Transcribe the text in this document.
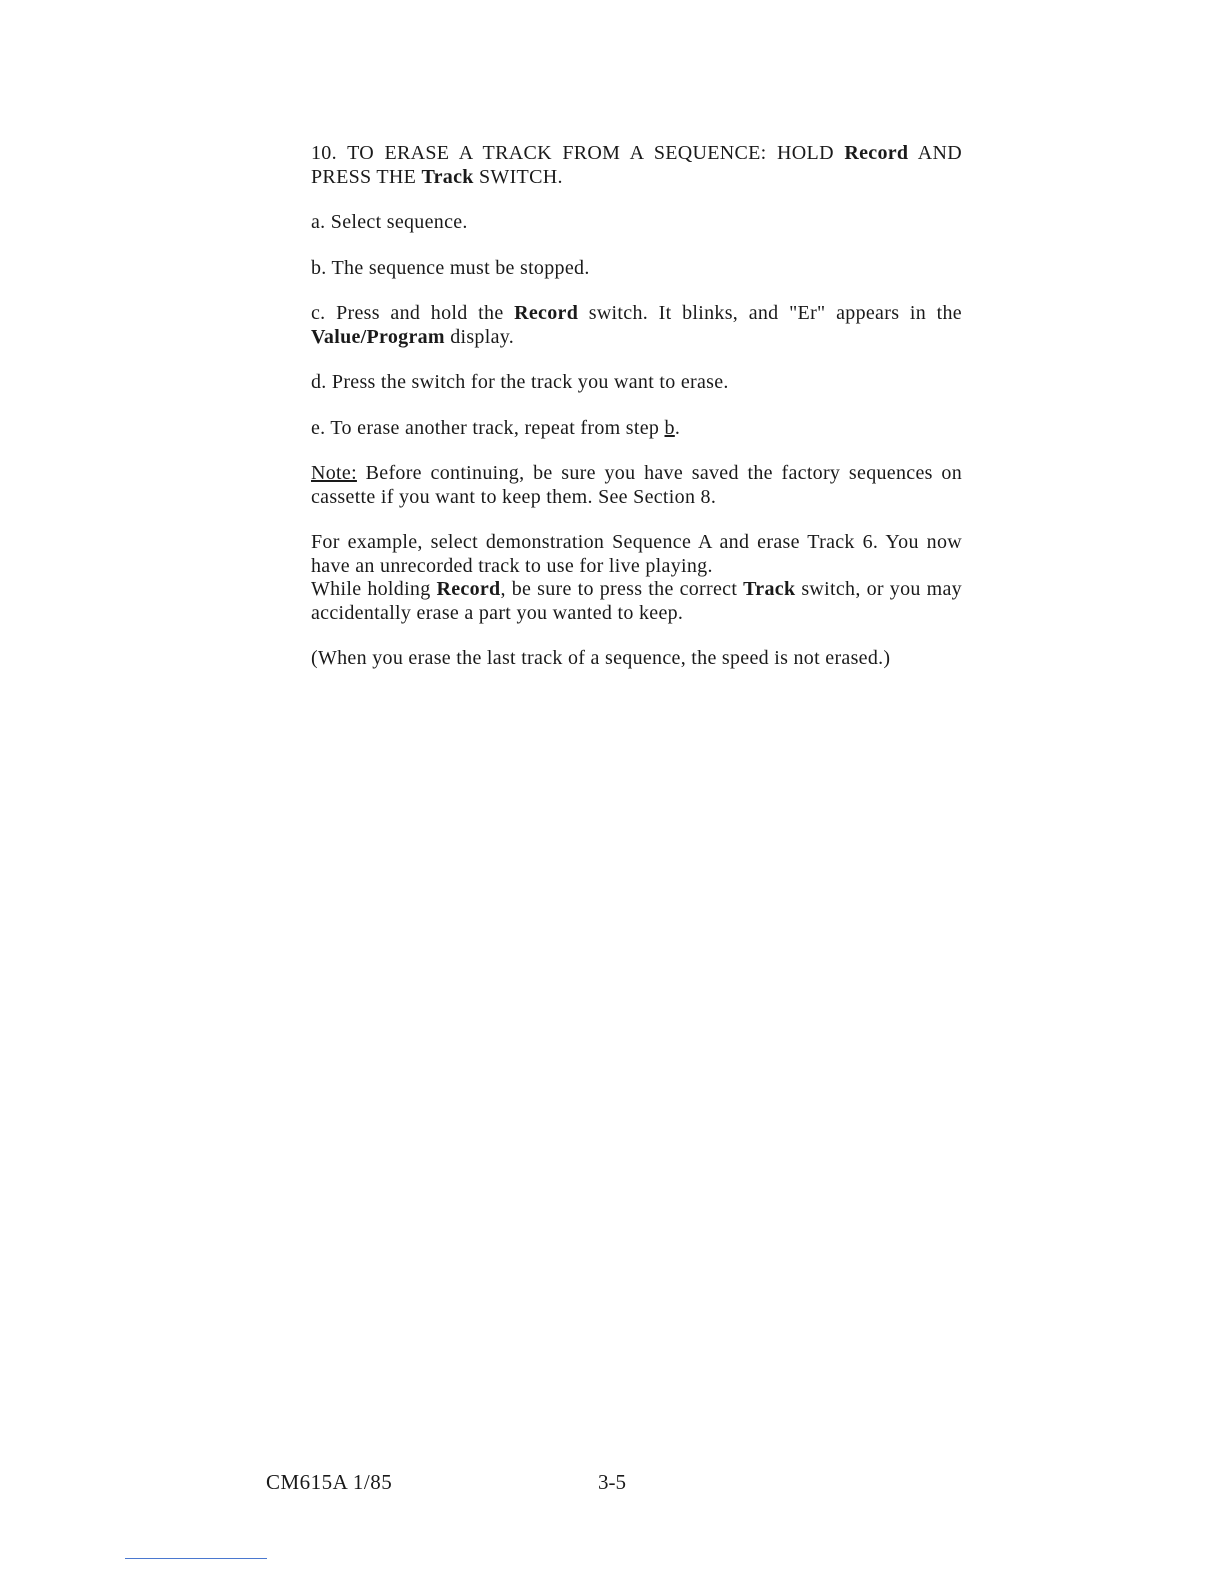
10. TO ERASE A TRACK FROM A SEQUENCE: HOLD Record AND PRESS THE Track SWITCH.

a. Select sequence.

b. The sequence must be stopped.

c. Press and hold the Record switch. It blinks, and "Er" appears in the Value/Program display.

d. Press the switch for the track you want to erase.

e. To erase another track, repeat from step b.

Note: Before continuing, be sure you have saved the factory sequences on cassette if you want to keep them. See Section 8.

For example, select demonstration Sequence A and erase Track 6. You now have an unrecorded track to use for live playing.
While holding Record, be sure to press the correct Track switch, or you may accidentally erase a part you wanted to keep.

(When you erase the last track of a sequence, the speed is not erased.)

CM615A 1/85	3-5
